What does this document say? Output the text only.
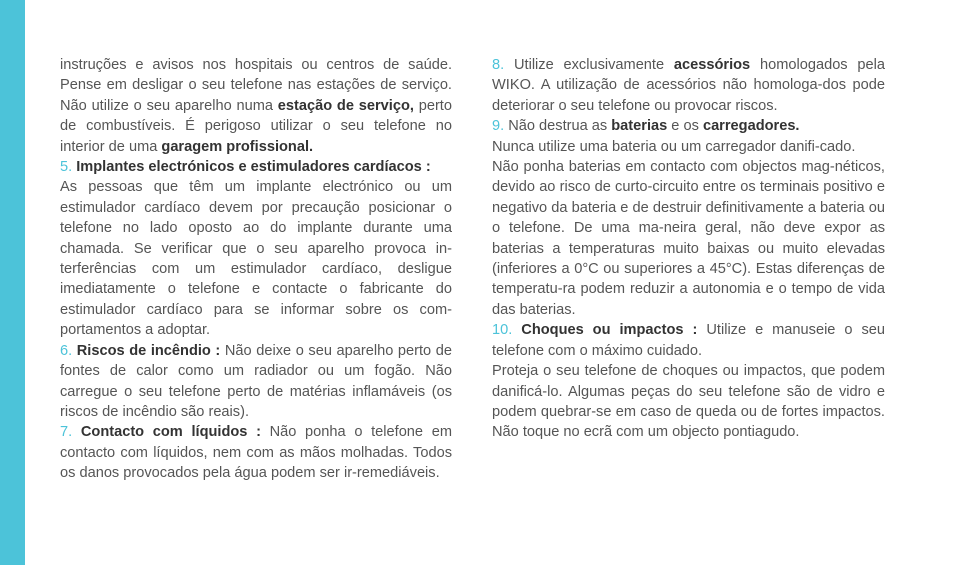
instruções e avisos nos hospitais ou centros de saúde. Pense em desligar o seu telefone nas estações de serviço. Não utilize o seu aparelho numa estação de serviço, perto de combustíveis. É perigoso utilizar o seu telefone no interior de uma garagem profissional.

5. Implantes electrónicos e estimuladores cardíacos :

As pessoas que têm um implante electrónico ou um estimulador cardíaco devem por precaução posicionar o telefone no lado oposto ao do implante durante uma chamada. Se verificar que o seu aparelho provoca in-terferências com um estimulador cardíaco, desligue imediatamente o telefone e contacte o fabricante do estimulador cardíaco para se informar sobre os com-portamentos a adoptar.

6. Riscos de incêndio : Não deixe o seu aparelho perto de fontes de calor como um radiador ou um fogão. Não carregue o seu telefone perto de matérias inflamáveis (os riscos de incêndio são reais).

7. Contacto com líquidos : Não ponha o telefone em contacto com líquidos, nem com as mãos molhadas. Todos os danos provocados pela água podem ser ir-remediáveis.

8. Utilize exclusivamente acessórios homologados pela WIKO. A utilização de acessórios não homologa-dos pode deteriorar o seu telefone ou provocar riscos.

9. Não destrua as baterias e os carregadores.

Nunca utilize uma bateria ou um carregador danifi-cado.

Não ponha baterias em contacto com objectos mag-néticos, devido ao risco de curto-circuito entre os terminais positivo e negativo da bateria e de destruir definitivamente a bateria ou o telefone. De uma ma-neira geral, não deve expor as baterias a temperaturas muito baixas ou muito elevadas (inferiores a 0°C ou superiores a 45°C). Estas diferenças de temperatu-ra podem reduzir a autonomia e o tempo de vida das baterias.

10. Choques ou impactos : Utilize e manuseie o seu telefone com o máximo cuidado.

Proteja o seu telefone de choques ou impactos, que podem danificá-lo. Algumas peças do seu telefone são de vidro e podem quebrar-se em caso de queda ou de fortes impactos. Não toque no ecrã com um objecto pontiagudo.
